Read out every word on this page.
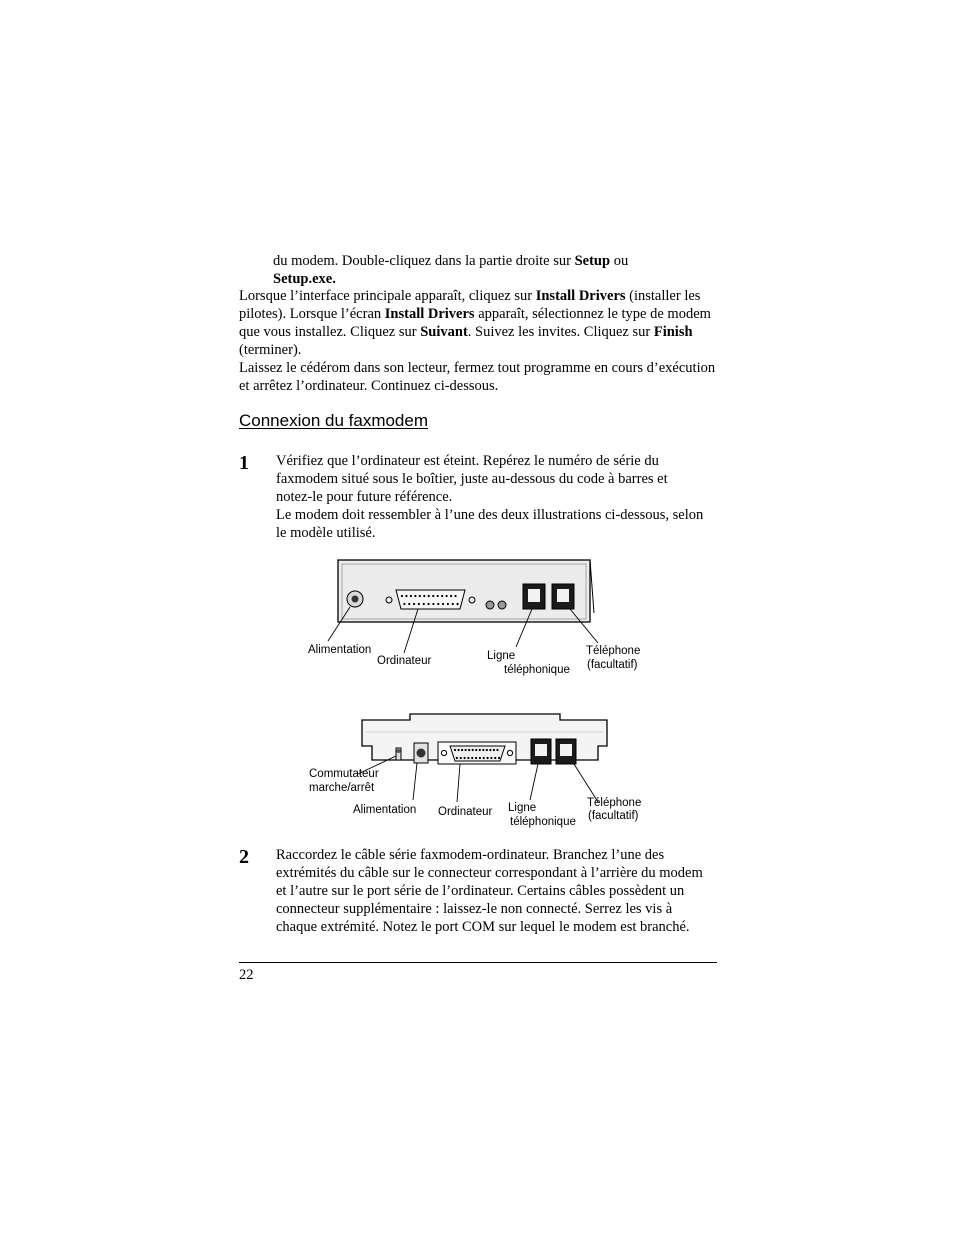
du modem. Double-cliquez dans la partie droite sur Setup ou
Setup.exe.
Lorsque l’interface principale apparaît, cliquez sur Install Drivers (installer les pilotes). Lorsque l’écran Install Drivers apparaît, sélectionnez le type de modem que vous installez. Cliquez sur Suivant. Suivez les invites. Cliquez sur Finish (terminer).
Laissez le cédérom dans son lecteur, fermez tout programme en cours d’exécution et arrêtez l’ordinateur. Continuez ci-dessous.
Connexion du faxmodem
1 Vérifiez que l’ordinateur est éteint. Repérez le numéro de série du faxmodem situé sous le boîtier, juste au-dessous du code à barres et notez-le pour future référence.
Le modem doit ressembler à l’une des deux illustrations ci-dessous, selon le modèle utilisé.
Alimentation
Ordinateur	Ligne
téléphonique
Téléphone
(facultatif)
Commutateur
marche/arrêt
Alimentation Ordinateur Ligne
téléphonique
Téléphone
(facultatif)
2 Raccordez le câble série faxmodem-ordinateur. Branchez l’une des extrémités du câble sur le connecteur correspondant à l’arrière du modem et l’autre sur le port série de l’ordinateur. Certains câbles possèdent un connecteur supplémentaire : laissez-le non connecté. Serrez les vis à chaque extrémité. Notez le port COM sur lequel le modem est branché.
22
